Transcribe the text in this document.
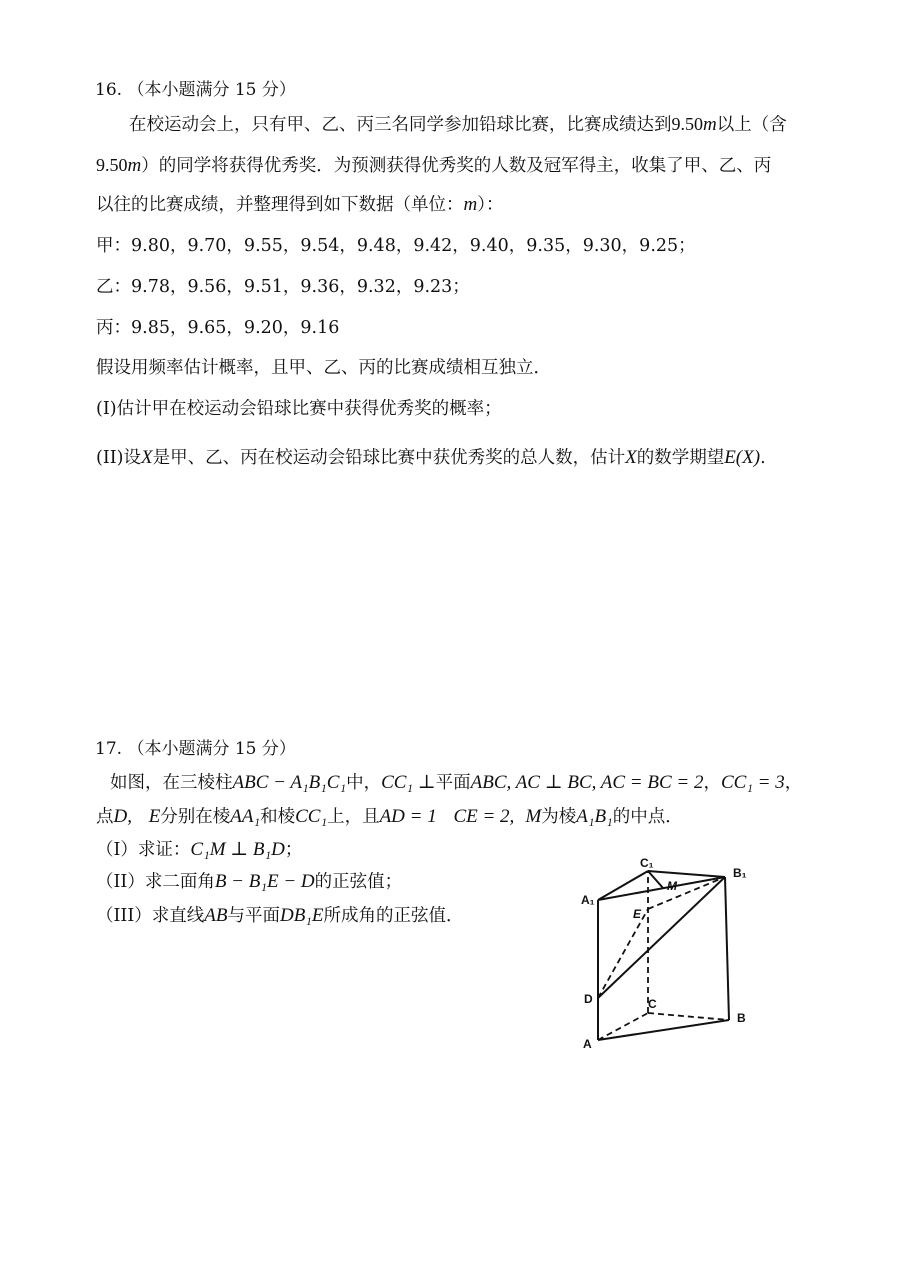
16. （本小题满分 15 分）
在校运动会上，只有甲、乙、丙三名同学参加铅球比赛，比赛成绩达到9.50m以上（含
9.50m）的同学将获得优秀奖．为预测获得优秀奖的人数及冠军得主，收集了甲、乙、丙
以往的比赛成绩，并整理得到如下数据（单位：m）：
甲：9.80，9.70，9.55，9.54，9.48，9.42，9.40，9.35，9.30，9.25；
乙：9.78，9.56，9.51，9.36，9.32，9.23；
丙：9.85，9.65，9.20，9.16
假设用频率估计概率，且甲、乙、丙的比赛成绩相互独立．
(I)估计甲在校运动会铅球比赛中获得优秀奖的概率；
(II)设X是甲、乙、丙在校运动会铅球比赛中获优秀奖的总人数，估计X的数学期望E(X).
17. （本小题满分 15 分）
如图，在三棱柱ABC − A₁B₁C₁中，CC₁ ⊥平面ABC, AC ⊥ BC, AC = BC = 2，CC₁ = 3，
点D, E分别在棱AA₁和棱CC₁上，且AD = 1 CE = 2, M为棱A₁B₁的中点．
（I）求证：C₁M ⊥ B₁D；
（II）求二面角B − B₁E − D的正弦值；
（III）求直线AB与平面DB₁E所成角的正弦值．
C₁
B₁
A₁
M
E
D	C
B
A
